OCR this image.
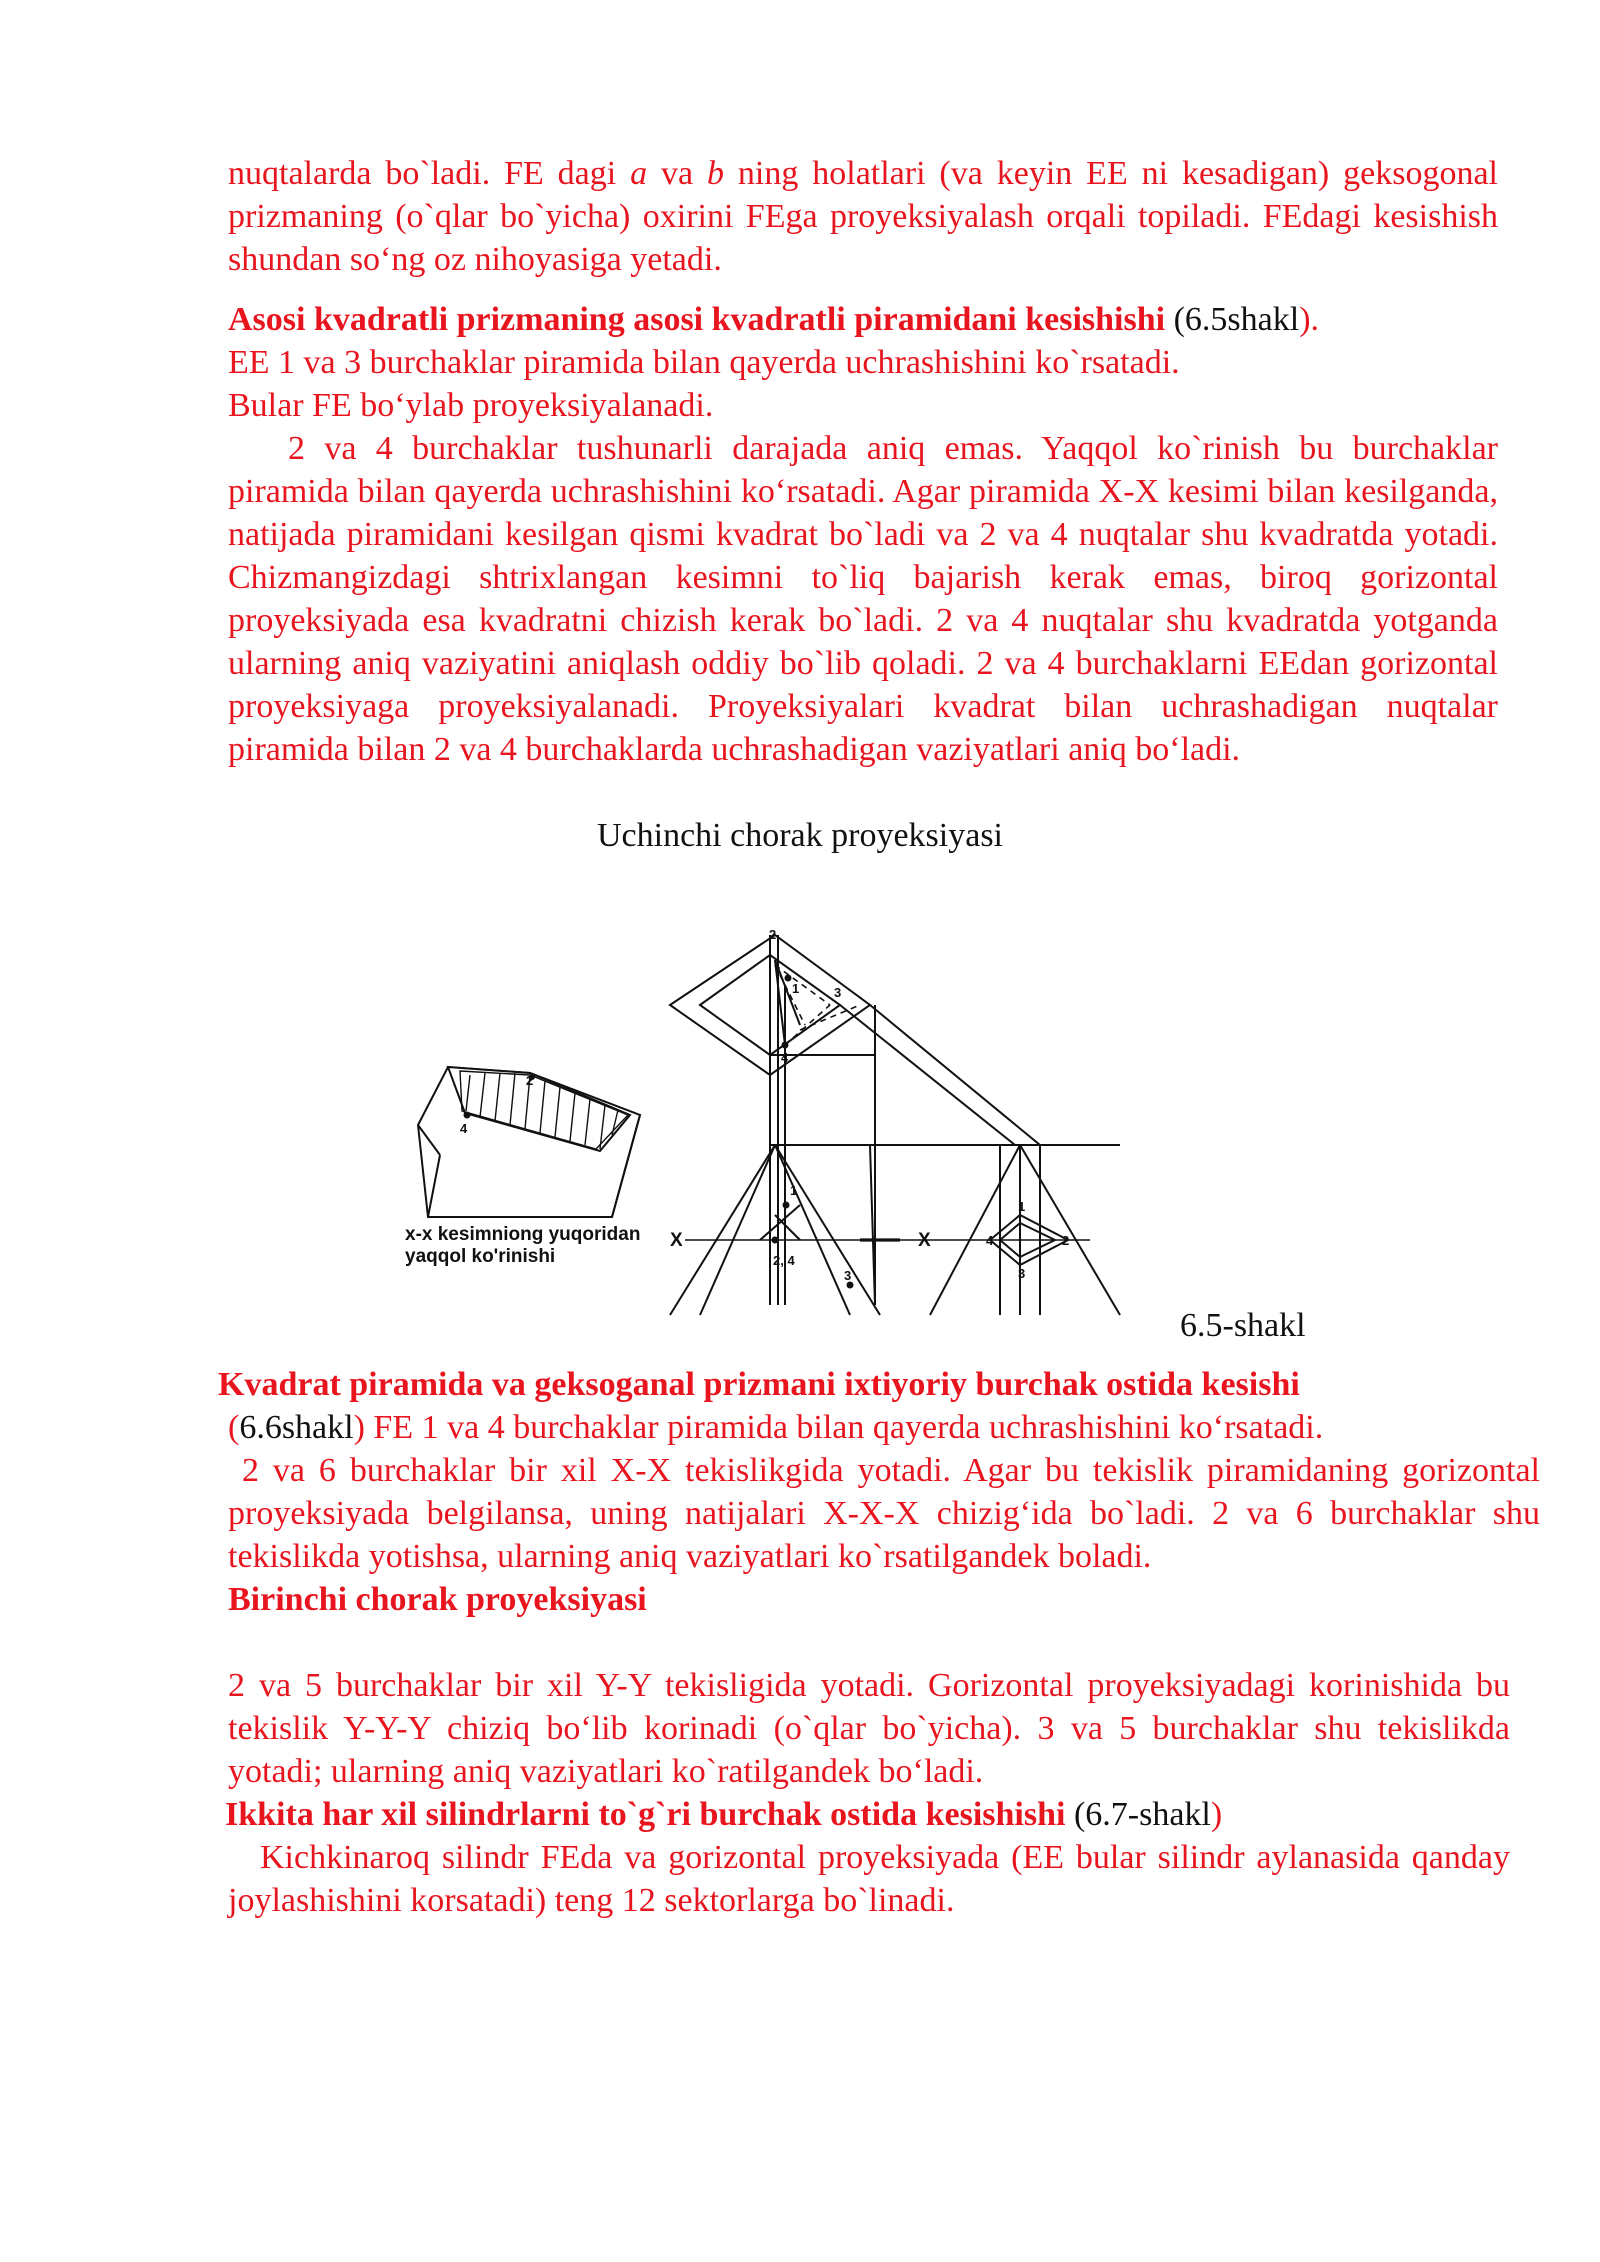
nuqtalarda bo`ladi. FE dagi a va b ning holatlari (va keyin EE ni kesadigan) geksogonal prizmaning (o`qlar bo`yicha) oxirini FEga proyeksiyalash orqali topiladi. FEdagi kesishish shundan so‘ng oz nihoyasiga yetadi.
Asosi kvadratli prizmaning asosi kvadratli piramidani kesishishi (6.5shakl).
EE 1 va 3 burchaklar piramida bilan qayerda uchrashishini ko`rsatadi.
Bular FE bo‘ylab proyeksiyalanadi.
2 va 4 burchaklar tushunarli darajada aniq emas. Yaqqol ko`rinish bu burchaklar piramida bilan qayerda uchrashishini ko‘rsatadi. Agar piramida X-X kesimi bilan kesilganda, natijada piramidani kesilgan qismi kvadrat bo`ladi va 2 va 4 nuqtalar shu kvadratda yotadi. Chizmangizdagi shtrixlangan kesimni to`liq bajarish kerak emas, biroq gorizontal proyeksiyada esa kvadratni chizish kerak bo`ladi. 2 va 4 nuqtalar shu kvadratda yotganda ularning aniq vaziyatini aniqlash oddiy bo`lib qoladi. 2 va 4 burchaklarni EEdan gorizontal proyeksiyaga proyeksiyalanadi. Proyeksiyalari kvadrat bilan uchrashadigan nuqtalar piramida bilan 2 va 4 burchaklarda uchrashadigan vaziyatlari aniq bo‘ladi.
Uchinchi chorak proyeksiyasi
2
1	3
4
1
2, 4
3
1
4	2
3
4
2
X	X
x-x kesimniong yuqoridan
yaqqol ko'rinishi
6.5-shakl
Kvadrat piramida va geksoganal prizmani ixtiyoriy burchak ostida kesishi
(6.6shakl) FE 1 va 4 burchaklar piramida bilan qayerda uchrashishini ko‘rsatadi.
2 va 6 burchaklar bir xil X-X tekislikgida yotadi. Agar bu tekislik piramidaning gorizontal proyeksiyada belgilansa, uning natijalari X-X-X chizig‘ida bo`ladi. 2 va 6 burchaklar shu tekislikda yotishsa, ularning aniq vaziyatlari ko`rsatilgandek boladi.
Birinchi chorak proyeksiyasi
2 va 5 burchaklar bir xil Y-Y tekisligida yotadi. Gorizontal proyeksiyadagi korinishida bu tekislik Y-Y-Y chiziq bo‘lib korinadi (o`qlar bo`yicha). 3 va 5 burchaklar shu tekislikda yotadi; ularning aniq vaziyatlari ko`ratilgandek bo‘ladi.
Ikkita har xil silindrlarni to`g`ri burchak ostida kesishishi (6.7-shakl)
Kichkinaroq silindr FEda va gorizontal proyeksiyada (EE bular silindr aylanasida qanday joylashishini korsatadi) teng 12 sektorlarga bo`linadi.
